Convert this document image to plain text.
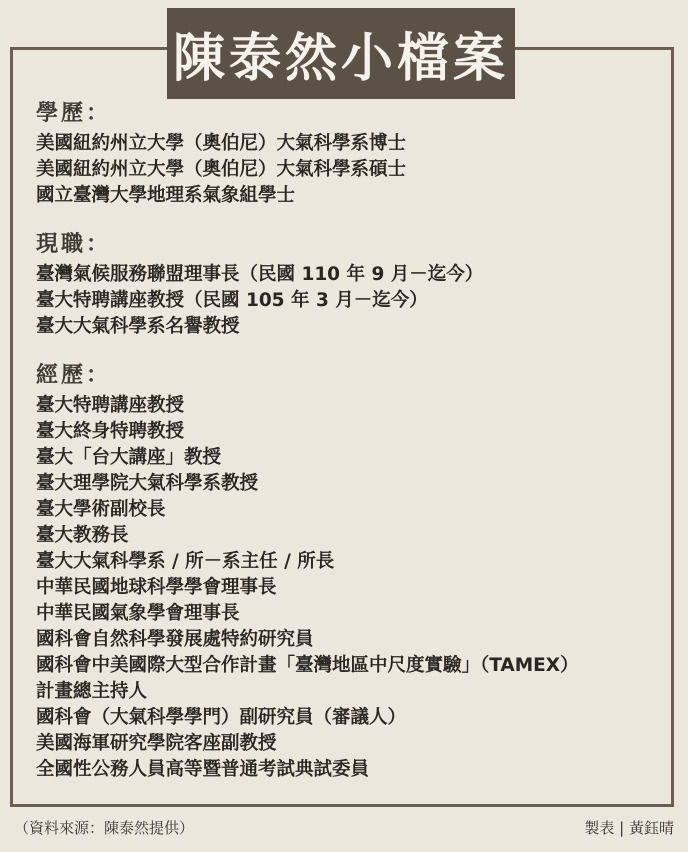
陳泰然小檔案
學歷：
美國紐約州立大學（奧伯尼）大氣科學系博士
美國紐約州立大學（奧伯尼）大氣科學系碩士
國立臺灣大學地理系氣象組學士
現職：
臺灣氣候服務聯盟理事長（民國 110 年 9 月－迄今）
臺大特聘講座教授（民國 105 年 3 月－迄今）
臺大大氣科學系名譽教授
經歷：
臺大特聘講座教授
臺大終身特聘教授
臺大「台大講座」教授
臺大理學院大氣科學系教授
臺大學術副校長
臺大教務長
臺大大氣科學系 / 所－系主任 / 所長
中華民國地球科學學會理事長
中華民國氣象學會理事長
國科會自然科學發展處特約研究員
國科會中美國際大型合作計畫「臺灣地區中尺度實驗」（TAMEX）
計畫總主持人
國科會（大氣科學學門）副研究員（審議人）
美國海軍研究學院客座副教授
全國性公務人員高等暨普通考試典試委員
（資料來源：陳泰然提供）	製表 | 黃鈺晴
